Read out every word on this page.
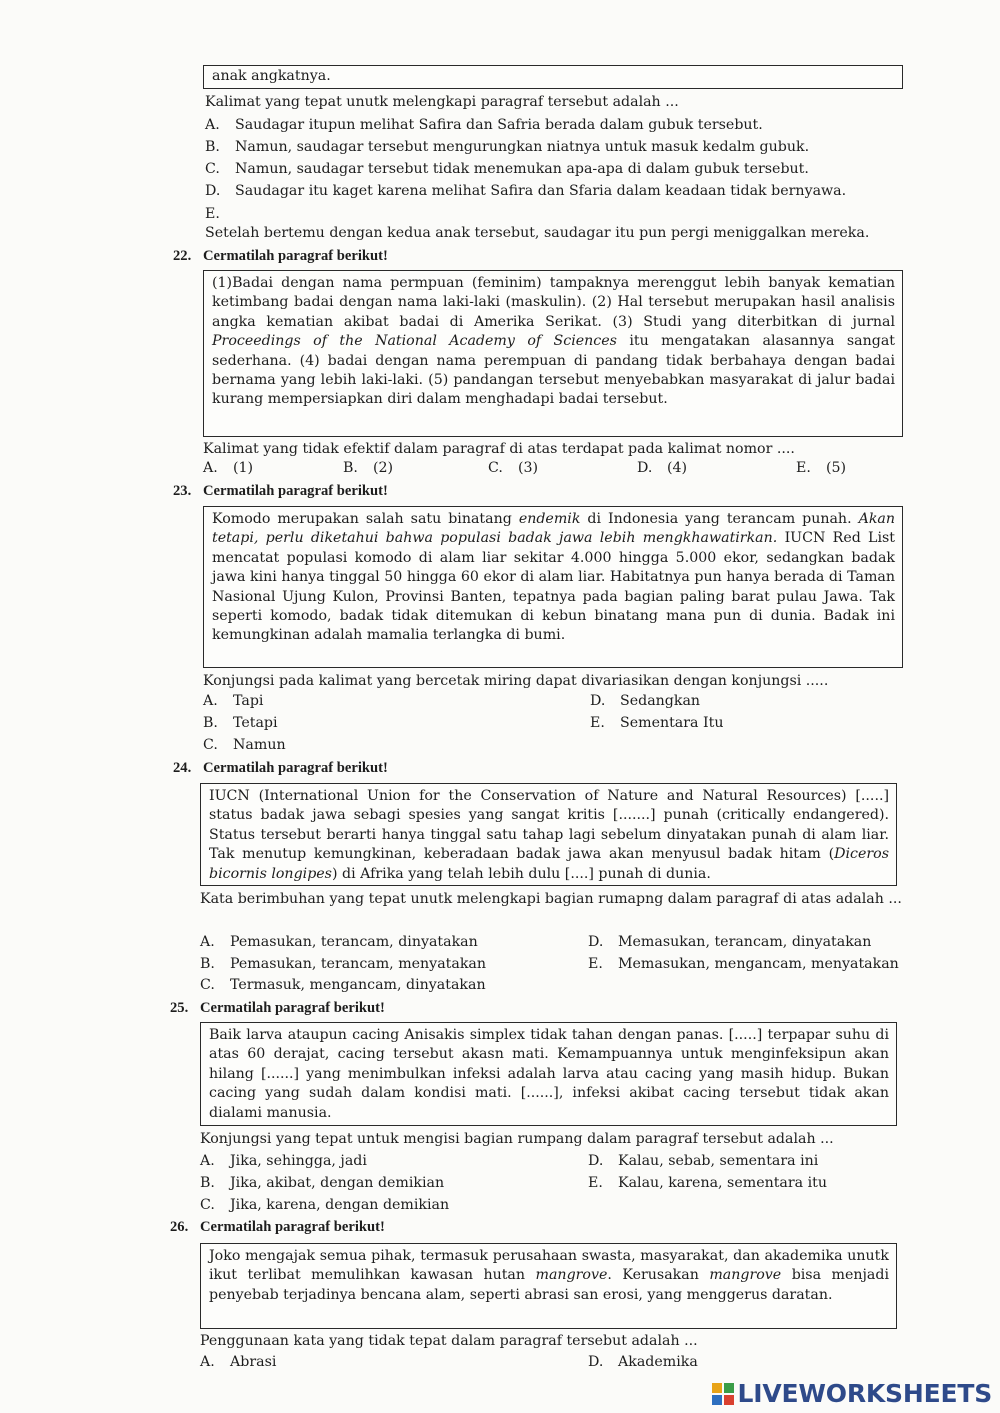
anak angkatnya.

Kalimat yang tepat unutk melengkapi paragraf tersebut adalah ...
A. Saudagar itupun melihat Safira dan Safria berada dalam gubuk tersebut.
B. Namun, saudagar tersebut mengurungkan niatnya untuk masuk kedalm gubuk.
C. Namun, saudagar tersebut tidak menemukan apa-apa di dalam gubuk tersebut.
D. Saudagar itu kaget karena melihat Safira dan Sfaria dalam keadaan tidak bernyawa.
E.Setelah bertemu dengan kedua anak tersebut, saudagar itu pun pergi meniggalkan mereka.
22. Cermatilah paragraf berikut!

(1)Badai dengan nama permpuan (feminim) tampaknya merenggut lebih banyak kematian ketimbang badai dengan nama laki-laki (maskulin). (2) Hal tersebut merupakan hasil analisis angka kematian akibat badai di Amerika Serikat. (3) Studi yang diterbitkan di jurnal Proceedings of the National Academy of Sciences itu mengatakan alasannya sangat sederhana. (4) badai dengan nama perempuan di pandang tidak berbahaya dengan badai bernama yang lebih laki-laki. (5) pandangan tersebut menyebabkan masyarakat di jalur badai kurang mempersiapkan diri dalam menghadapi badai tersebut.

Kalimat yang tidak efektif dalam paragraf di atas terdapat pada kalimat nomor ....
A. (1)	B. (2)	C. (3)	D. (4)	E. (5)
23. Cermatilah paragraf berikut!

Komodo merupakan salah satu binatang endemik di Indonesia yang terancam punah. Akan tetapi, perlu diketahui bahwa populasi badak jawa lebih mengkhawatirkan. IUCN Red List mencatat populasi komodo di alam liar sekitar 4.000 hingga 5.000 ekor, sedangkan badak jawa kini hanya tinggal 50 hingga 60 ekor di alam liar. Habitatnya pun hanya berada di Taman Nasional Ujung Kulon, Provinsi Banten, tepatnya pada bagian paling barat pulau Jawa. Tak seperti komodo, badak tidak ditemukan di kebun binatang mana pun di dunia. Badak ini kemungkinan adalah mamalia terlangka di bumi.

Konjungsi pada kalimat yang bercetak miring dapat divariasikan dengan konjungsi .....
A. Tapi
B. Tetapi
C. Namun
D. Sedangkan
E. Sementara Itu
24. Cermatilah paragraf berikut!

IUCN (International Union for the Conservation of Nature and Natural Resources) [.....] status badak jawa sebagi spesies yang sangat kritis [.......] punah (critically endangered). Status tersebut berarti hanya tinggal satu tahap lagi sebelum dinyatakan punah di alam liar. Tak menutup kemungkinan, keberadaan badak jawa akan menyusul badak hitam (Diceros bicornis longipes) di Afrika yang telah lebih dulu [....] punah di dunia.

Kata berimbuhan yang tepat unutk melengkapi bagian rumapng dalam paragraf di atas adalah ...
A. Pemasukan, terancam, dinyatakan
B. Pemasukan, terancam, menyatakan
C. Termasuk, mengancam, dinyatakan
D. Memasukan, terancam, dinyatakan
E. Memasukan, mengancam, menyatakan
25. Cermatilah paragraf berikut!

Baik larva ataupun cacing Anisakis simplex tidak tahan dengan panas. [.....] terpapar suhu di atas 60 derajat, cacing tersebut akasn mati. Kemampuannya untuk menginfeksipun akan hilang [......] yang menimbulkan infeksi adalah larva atau cacing yang masih hidup. Bukan cacing yang sudah dalam kondisi mati. [......], infeksi akibat cacing tersebut tidak akan dialami manusia.

Konjungsi yang tepat untuk mengisi bagian rumpang dalam paragraf tersebut adalah ...
A. Jika, sehingga, jadi
B. Jika, akibat, dengan demikian
C. Jika, karena, dengan demikian
D. Kalau, sebab, sementara ini
E. Kalau, karena, sementara itu
26. Cermatilah paragraf berikut!

Joko mengajak semua pihak, termasuk perusahaan swasta, masyarakat, dan akademika unutk ikut terlibat memulihkan kawasan hutan mangrove. Kerusakan mangrove bisa menjadi penyebab terjadinya bencana alam, seperti abrasi san erosi, yang menggerus daratan.

Penggunaan kata yang tidak tepat dalam paragraf tersebut adalah ...
A. Abrasi	D. Akademika
LIVEWORKSHEETS
